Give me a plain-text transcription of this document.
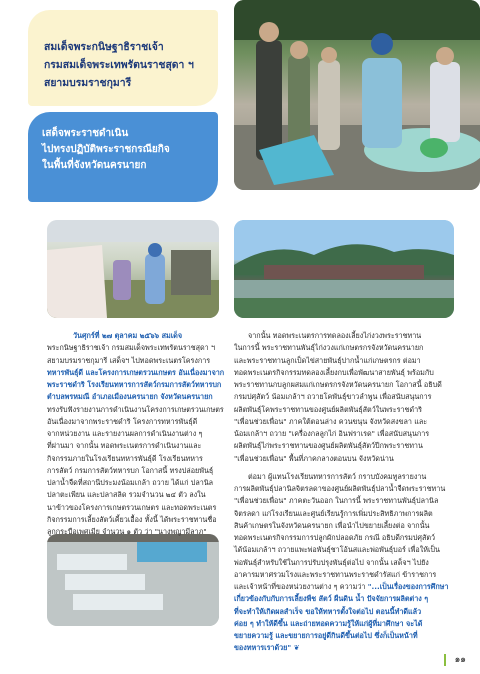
สมเด็จพระกนิษฐาธิราชเจ้า
กรมสมเด็จพระเทพรัตนราชสุดา ฯ
สยามบรมราชกุมารี
เสด็จพระราชดำเนิน
ไปทรงปฏิบัติพระราชกรณียกิจ
ในพื้นที่จังหวัดนครนายก
วันศุกร์ที่ ๒๗ ตุลาคม ๒๕๖๖ สมเด็จ
พระกนิษฐาธิราชเจ้า กรมสมเด็จพระเทพรัตนราชสุดา ฯ
สยามบรมราชกุมารี เสด็จฯ ไปทอดพระเนตรโครงการ
ทหารพันธุ์ดี และโครงการเกษตรวนเกษตร อันเนื่องมาจาก
พระราชดำริ โรงเรียนทหารการสัตว์กรมการสัตว์ทหารบก
ตำบลพรหมณี อำเภอเมืองนครนายก จังหวัดนครนายก
ทรงรับฟังรายงานการดำเนินงานโครงการเกษตรวนเกษตร
อันเนื่องมาจากพระราชดำริ โครงการทหารพันธุ์ดี
จากหน่วยงาน และรายงานผลการดำเนินงานต่าง ๆ
ที่ผ่านมา จากนั้น ทอดพระเนตรการดำเนินงานและ
กิจกรรมภายในโรงเรียนทหารพันธุ์ดี โรงเรียนทหาร
การสัตว์ กรมการสัตว์ทหารบก โอกาสนี้ ทรงปล่อยพันธุ์
ปลาน้ำจืดที่สถานีประมงน้อมเกล้า ถวาย ได้แก่ ปลานิล
ปลาตะเพียน และปลาสลิด รวมจำนวน ๒๔ ตัว ลงใน
นาข้าวของโครงการเกษตรวนเกษตร และทอดพระเนตร
กิจกรรมการเลี้ยงสัตว์เคี้ยวเอื้อง ทั้งนี้ ได้พระราชทานชื่อ
ลูกกระบือเพศเมีย จำนวน ๑ ตัว ว่า "นางพญามีลาภ"
จากนั้น ทอดพระเนตรการทดลองเลี้ยงไก่งวงพระราชทาน
ในการนี้ พระราชทานพันธุ์ไก่งวงแก่เกษตรกรจังหวัดนครนายก
และพระราชทานลูกเป็ดไข่สายพันธุ์ปากน้ำแก่เกษตรกร ต่อมา
ทอดพระเนตรกิจกรรมทดลองเลี้ยงกบเพื่อพัฒนาสายพันธุ์ พร้อมกับ
พระราชทานกบลูกผสมแก่เกษตรกรจังหวัดนครนายก โอกาสนี้ อธิบดี
กรมปศุสัตว์ น้อมเกล้าฯ ถวายโคพันธุ์ขาวลำพูน เพื่อสนับสนุนการ
ผลิตพันธุ์โคพระราชทานของศูนย์ผลิตพันธุ์สัตว์ในพระราชดำริ
"เพื่อนช่วยเพื่อน" ภาคใต้ตอนล่าง ควนขนุน จังหวัดสงขลา และ
น้อมเกล้าฯ ถวาย "เครื่องกลลูกไก่ อินฟราเรด" เพื่อสนับสนุนการ
ผลิตพันธุ์ไก่พระราชทานของศูนย์ผลิตพันธุ์สัตว์ปีกพระราชทาน
"เพื่อนช่วยเพื่อน" พื้นที่ภาคกลางตอนบน จังหวัดน่าน
ต่อมา ผู้แทนโรงเรียนทหารการสัตว์ กราบบังคมทูลรายงาน
การผลิตพันธุ์ปลานิลจิตรลดาของศูนย์ผลิตพันธุ์ปลาน้ำจืดพระราชทาน
"เพื่อนช่วยเพื่อน" ภาคตะวันออก ในการนี้ พระราชทานพันธุ์ปลานิล
จิตรลดา แก่โรงเรียนและศูนย์เรียนรู้การเพิ่มประสิทธิภาพการผลิต
สินค้าเกษตรในจังหวัดนครนายก เพื่อนำไปขยายเลี้ยงต่อ จากนั้น
ทอดพระเนตรกิจกรรมการปลูกผักปลอดภัย กรณี อธิบดีกรมปศุสัตว์
ได้น้อมเกล้าฯ ถวายแพะพ่อพันธุ์ชาโอ้นสและพ่อพันธุ์บอร์ เพื่อให้เป็น
พ่อพันธุ์สำหรับใช้ในการปรับปรุงพันธุ์ต่อไป จากนั้น เสด็จฯ ไปยัง
อาคารมหาศรวมโรงและพระราชทานพระราชดำรัสแก่ ข้าราชการ
และเจ้าหน้าที่ของหน่วยงานต่าง ๆ ความว่า "...เป็นเรื่องของการศึกษา
เกี่ยวข้องกับกับการเลี้ยงพืช สัตว์ ผืนดิน น้ำ ปัจจัยการผลิตต่าง ๆ
ที่จะทำให้เกิดผลสำเร็จ ขอให้ทหารตั้งใจต่อไป ตอนนี้ทำดีแล้ว
ค่อย ๆ ทำให้ดีขึ้น และถ่ายทอดความรู้ให้แก่ผู้ที่มาศึกษา จะได้
ขยายความรู้ และขยายการอยู่ดีกินดีขึ้นต่อไป ซึ่งก็เป็นหน้าที่
ของทหารเราด้วย" ❦
๑๑
